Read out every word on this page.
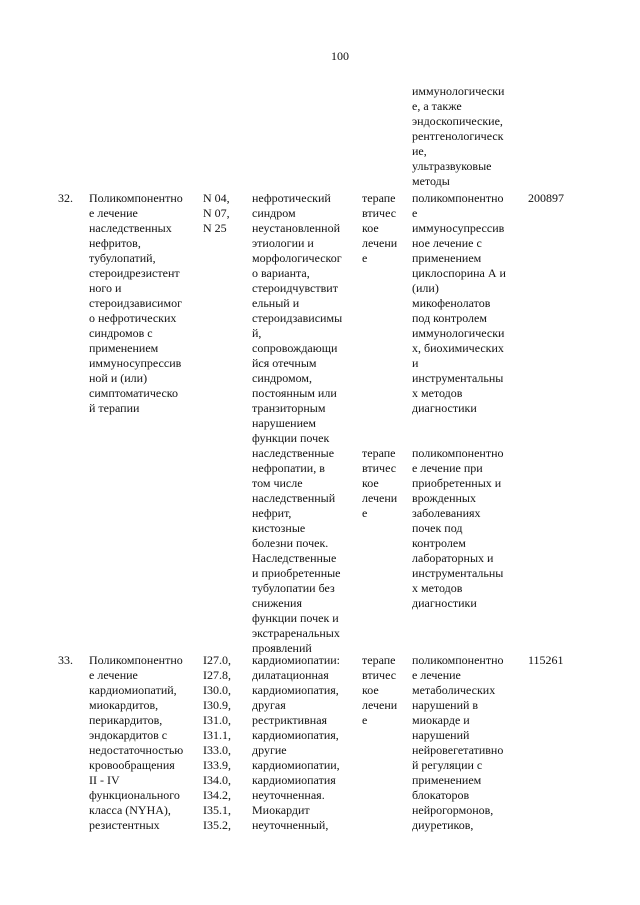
100

иммунологически
е, а также
эндоскопические,
рентгенологическ
ие,
ультразвуковые
методы

32.	Поликомпонентно
е лечение
наследственных
нефритов,
тубулопатий,
стероидрезистент
ного и
стероидзависимог
о нефротических
синдромов с
применением
иммуносупрессив
ной и (или)
симптоматическо
й терапии

N 04,
N 07,
N 25

нефротический
синдром
неустановленной
этиологии и
морфологическог
о варианта,
стероидчувствит
ельный и
стероидзависимы
й,
сопровождающи
йся отечным
синдромом,
постоянным или
транзиторным
нарушением
функции почек

терапе
втичес
кое
лечени
е

поликомпонентно
е
иммуносупрессив
ное лечение с
применением
циклоспорина А и
(или)
микофенолатов
под контролем
иммунологически
х, биохимических
и
инструментальны
х методов
диагностики

200897

наследственные
нефропатии, в
том числе
наследственный
нефрит,
кистозные
болезни почек.
Наследственные
и приобретенные
тубулопатии без
снижения
функции почек и
экстраренальных
проявлений

терапе
втичес
кое
лечени
е

поликомпонентно
е лечение при
приобретенных и
врожденных
заболеваниях
почек под
контролем
лабораторных и
инструментальны
х методов
диагностики

33.	Поликомпонентно
е лечение
кардиомиопатий,
миокардитов,
перикардитов,
эндокардитов с
недостаточностью
кровообращения
II - IV
функционального
класса (NYHA),
резистентных

I27.0,
I27.8,
I30.0,
I30.9,
I31.0,
I31.1,
I33.0,
I33.9,
I34.0,
I34.2,
I35.1,
I35.2,

кардиомиопатии:
дилатационная
кардиомиопатия,
другая
рестриктивная
кардиомиопатия,
другие
кардиомиопатии,
кардиомиопатия
неуточненная.
Миокардит
неуточненный,

терапе
втичес
кое
лечени
е

поликомпонентно
е лечение
метаболических
нарушений в
миокарде и
нарушений
нейровегетативно
й регуляции с
применением
блокаторов
нейрогормонов,
диуретиков,

115261
